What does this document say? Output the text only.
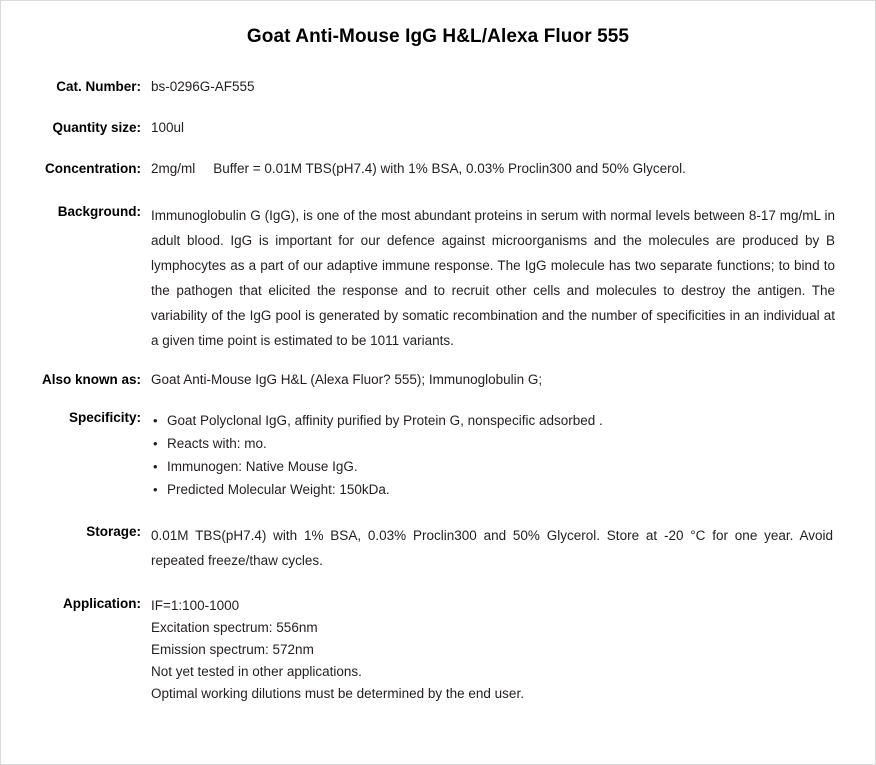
Goat Anti-Mouse IgG H&L/Alexa Fluor 555
Cat. Number: bs-0296G-AF555
Quantity size: 100ul
Concentration: 2mg/ml Buffer = 0.01M TBS(pH7.4) with 1% BSA, 0.03% Proclin300 and 50% Glycerol.
Background: Immunoglobulin G (IgG), is one of the most abundant proteins in serum with normal levels between 8-17 mg/mL in adult blood. IgG is important for our defence against microorganisms and the molecules are produced by B lymphocytes as a part of our adaptive immune response. The IgG molecule has two separate functions; to bind to the pathogen that elicited the response and to recruit other cells and molecules to destroy the antigen. The variability of the IgG pool is generated by somatic recombination and the number of specificities in an individual at a given time point is estimated to be 1011 variants.
Also known as: Goat Anti-Mouse IgG H&L (Alexa Fluor? 555); Immunoglobulin G;
Specificity:	• Goat Polyclonal IgG, affinity purified by Protein G, nonspecific adsorbed .
• Reacts with: mo.
• Immunogen: Native Mouse IgG.
• Predicted Molecular Weight: 150kDa.
Storage: 0.01M TBS(pH7.4) with 1% BSA, 0.03% Proclin300 and 50% Glycerol. Store at -20 °C for one year. Avoid repeated freeze/thaw cycles.
Application: IF=1:100-1000
Excitation spectrum: 556nm
Emission spectrum: 572nm
Not yet tested in other applications.
Optimal working dilutions must be determined by the end user.
